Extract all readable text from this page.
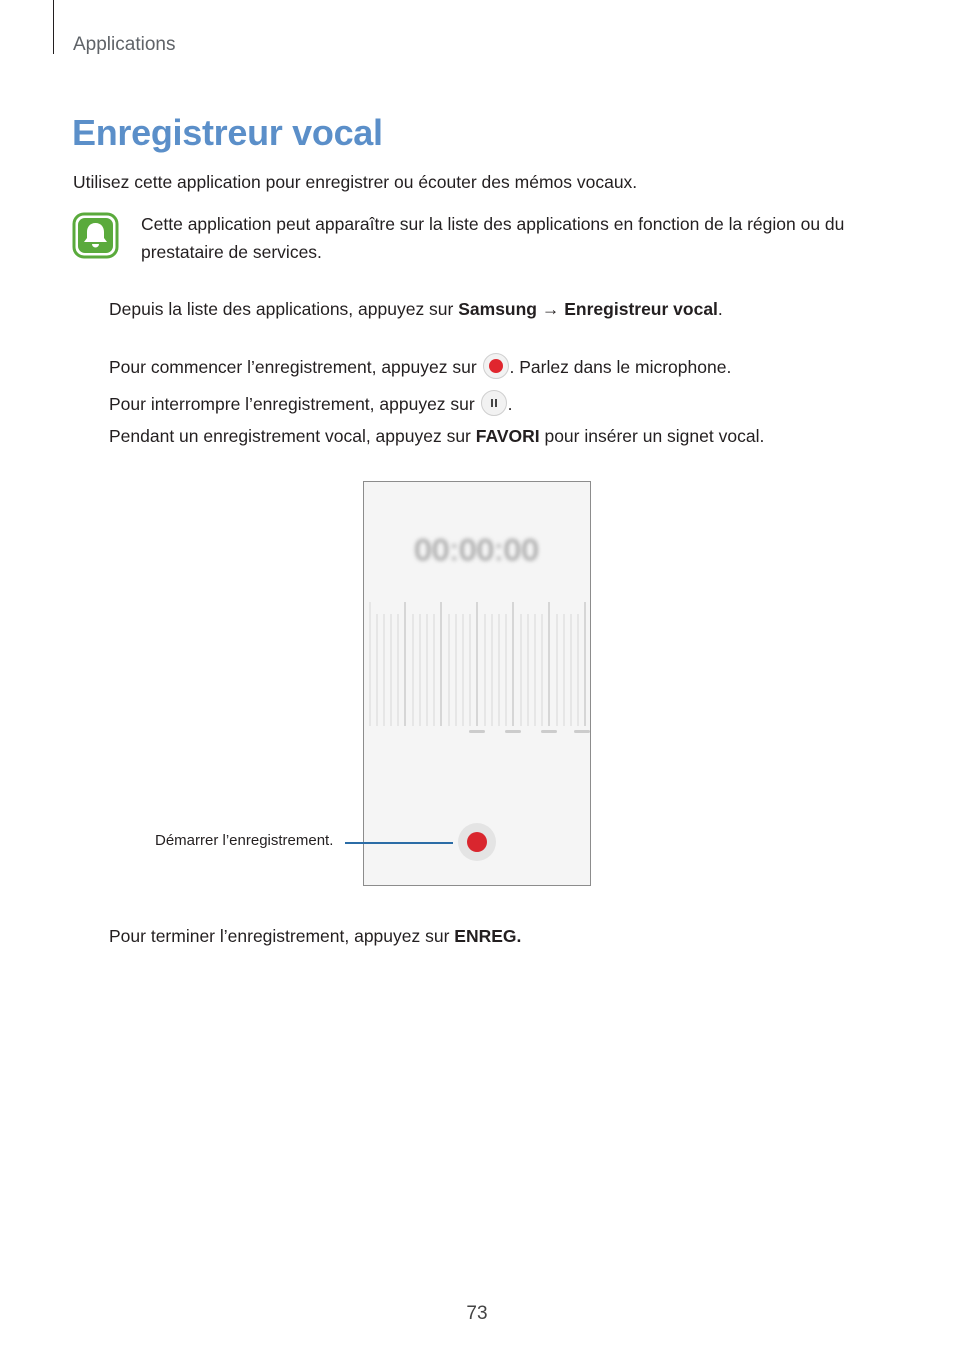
Applications
Enregistreur vocal
Utilisez cette application pour enregistrer ou écouter des mémos vocaux.
Cette application peut apparaître sur la liste des applications en fonction de la région ou du prestataire de services.
Depuis la liste des applications, appuyez sur Samsung → Enregistreur vocal.
Pour commencer l’enregistrement, appuyez sur . Parlez dans le microphone.
Pour interrompre l’enregistrement, appuyez sur .
Pendant un enregistrement vocal, appuyez sur FAVORI pour insérer un signet vocal.
00:00:00
Démarrer l’enregistrement.
Pour terminer l’enregistrement, appuyez sur ENREG.
73
